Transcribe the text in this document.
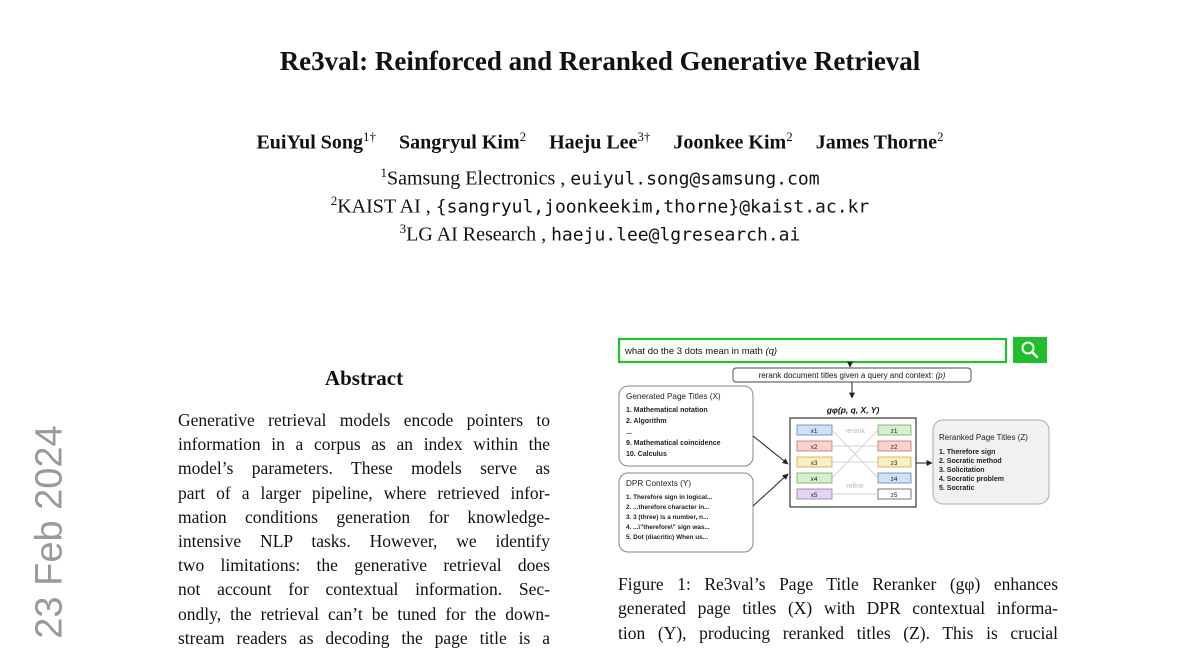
Re3val: Reinforced and Reranked Generative Retrieval
EuiYul Song$^{1\dagger}$ Sangryul Kim$^2$ Haeju Lee$^{3\dagger}$ Joonkee Kim$^2$ James Thorne$^2$
$^1$Samsung Electronics , euiyul.song@samsung.com
$^2$KAIST AI , {sangryul,joonkeekim,thorne}@kaist.ac.kr
$^3$LG AI Research , haeju.lee@lgresearch.ai
23 Feb 2024
Abstract
Generative retrieval models encode pointers to
information in a corpus as an index within the
model’s parameters. These models serve as
part of a larger pipeline, where retrieved infor-
mation conditions generation for knowledge-
intensive NLP tasks. However, we identify
two limitations: the generative retrieval does
not account for contextual information. Sec-
ondly, the retrieval can’t be tuned for the down-
stream readers as decoding the page title is a
what do the 3 dots mean in math (q)
rerank document titles given a query and context: (p)
Generated Page Titles (X)
1. Mathematical notation
2. Algorithm
...
9. Mathematical coincidence
10. Calculus
DPR Contexts (Y)
1. Therefore sign in logical...
2. ...therefore character in...
3. 3 (three) is a number, n...
4. ...\"therefore\" sign was...
5. Dot (diacritic) When us...
gφ(p, q, X, Y)
x1
x2
x3
x4
x5
z1
z2
z3
z4
z5
rerank
refine
Reranked Page Titles (Z)
1. Therefore sign
2. Socratic method
3. Solicitation
4. Socratic problem
5. Socratic
Figure 1: Re3val’s Page Title Reranker (gφ) enhances
generated page titles (X) with DPR contextual informa-
tion (Y), producing reranked titles (Z). This is crucial
